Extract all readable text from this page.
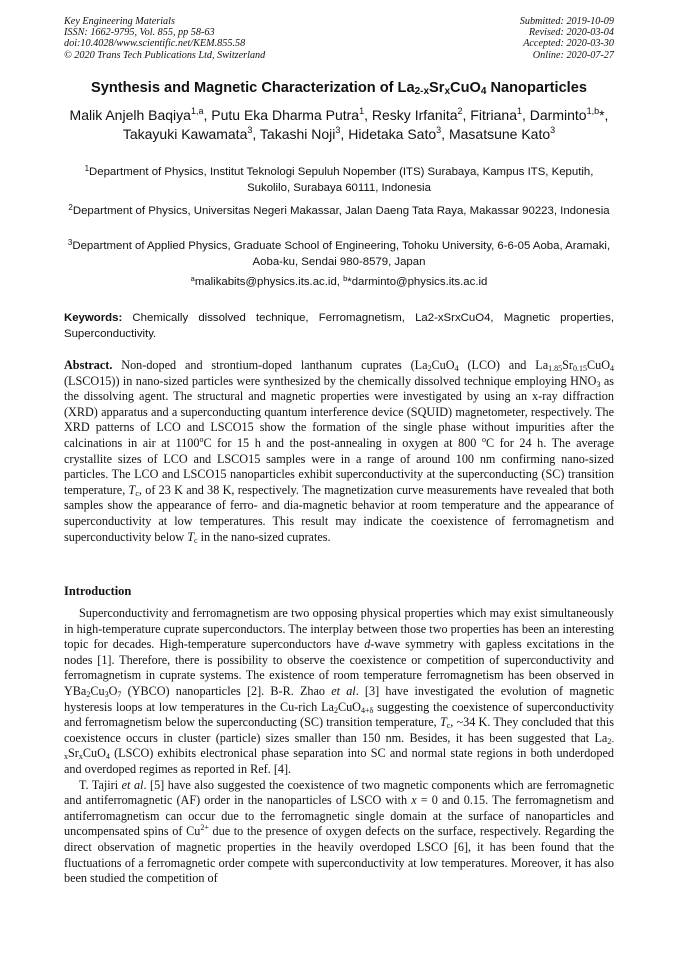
Key Engineering Materials
ISSN: 1662-9795, Vol. 855, pp 58-63
doi:10.4028/www.scientific.net/KEM.855.58
© 2020 Trans Tech Publications Ltd, Switzerland
Submitted: 2019-10-09
Revised: 2020-03-04
Accepted: 2020-03-30
Online: 2020-07-27
Synthesis and Magnetic Characterization of $La_{2-x}Sr_xCuO_4$ Nanoparticles
Malik Anjelh Baqiya$^{1,a}$, Putu Eka Dharma Putra$^1$, Resky Irfanita$^2$, Fitriana$^1$, Darminto$^{1,b}$*, Takayuki Kawamata$^3$, Takashi Noji$^3$, Hidetaka Sato$^3$, Masatsune Kato$^3$
$^1$Department of Physics, Institut Teknologi Sepuluh Nopember (ITS) Surabaya, Kampus ITS, Keputih, Sukolilo, Surabaya 60111, Indonesia
$^2$Department of Physics, Universitas Negeri Makassar, Jalan Daeng Tata Raya, Makassar 90223, Indonesia
$^3$Department of Applied Physics, Graduate School of Engineering, Tohoku University, 6-6-05 Aoba, Aramaki, Aoba-ku, Sendai 980-8579, Japan
$^a$malikabits@physics.its.ac.id, $^b$*darminto@physics.its.ac.id
Keywords: Chemically dissolved technique, Ferromagnetism, La2-xSrxCuO4, Magnetic properties, Superconductivity.
Abstract. Non-doped and strontium-doped lanthanum cuprates ($La_2CuO_4$ (LCO) and $La_{1.85}Sr_{0.15}CuO_4$ (LSCO15)) in nano-sized particles were synthesized by the chemically dissolved technique employing $HNO_3$ as the dissolving agent. The structural and magnetic properties were investigated by using an x-ray diffraction (XRD) apparatus and a superconducting quantum interference device (SQUID) magnetometer, respectively. The XRD patterns of LCO and LSCO15 show the formation of the single phase without impurities after the calcinations in air at 1100$^o$C for 15 h and the post-annealing in oxygen at 800 $^o$C for 24 h. The average crystallite sizes of LCO and LSCO15 samples were in a range of around 100 nm confirming nano-sized particles. The LCO and LSCO15 nanoparticles exhibit superconductivity at the superconducting (SC) transition temperature, $T_c$, of 23 K and 38 K, respectively. The magnetization curve measurements have revealed that both samples show the appearance of ferro- and dia-magnetic behavior at room temperature and the appearance of superconductivity at low temperatures. This result may indicate the coexistence of ferromagnetism and superconductivity below $T_c$ in the nano-sized cuprates.
Introduction

Superconductivity and ferromagnetism are two opposing physical properties which may exist simultaneously in high-temperature cuprate superconductors. The interplay between those two properties has been an interesting topic for decades. High-temperature superconductors have d-wave symmetry with gapless excitations in the nodes [1]. Therefore, there is possibility to observe the coexistence or competition of superconductivity and ferromagnetism in cuprate systems. The existence of room temperature ferromagnetism has been observed in $YBa_2Cu_3O_7$ (YBCO) nanoparticles [2]. B-R. Zhao et al. [3] have investigated the evolution of magnetic hysteresis loops at low temperatures in the Cu-rich $La_2CuO_{4+\delta}$ suggesting the coexistence of superconductivity and ferromagnetism below the superconducting (SC) transition temperature, $T_c$, ~34 K. They concluded that this coexistence occurs in cluster (particle) sizes smaller than 150 nm. Besides, it has been suggested that $La_{2-x}Sr_xCuO_4$ (LSCO) exhibits electronical phase separation into SC and normal state regions in both underdoped and overdoped regimes as reported in Ref. [4].

T. Tajiri et al. [5] have also suggested the coexistence of two magnetic components which are ferromagnetic and antiferromagnetic (AF) order in the nanoparticles of LSCO with x = 0 and 0.15. The ferromagnetism and antiferromagnetism can occur due to the ferromagnetic single domain at the surface of nanoparticles and uncompensated spins of $Cu^{2+}$ due to the presence of oxygen defects on the surface, respectively. Regarding the direct observation of magnetic properties in the heavily overdoped LSCO [6], it has been found that the fluctuations of a ferromagnetic order compete with superconductivity at low temperatures. Moreover, it has also been studied the competition of
